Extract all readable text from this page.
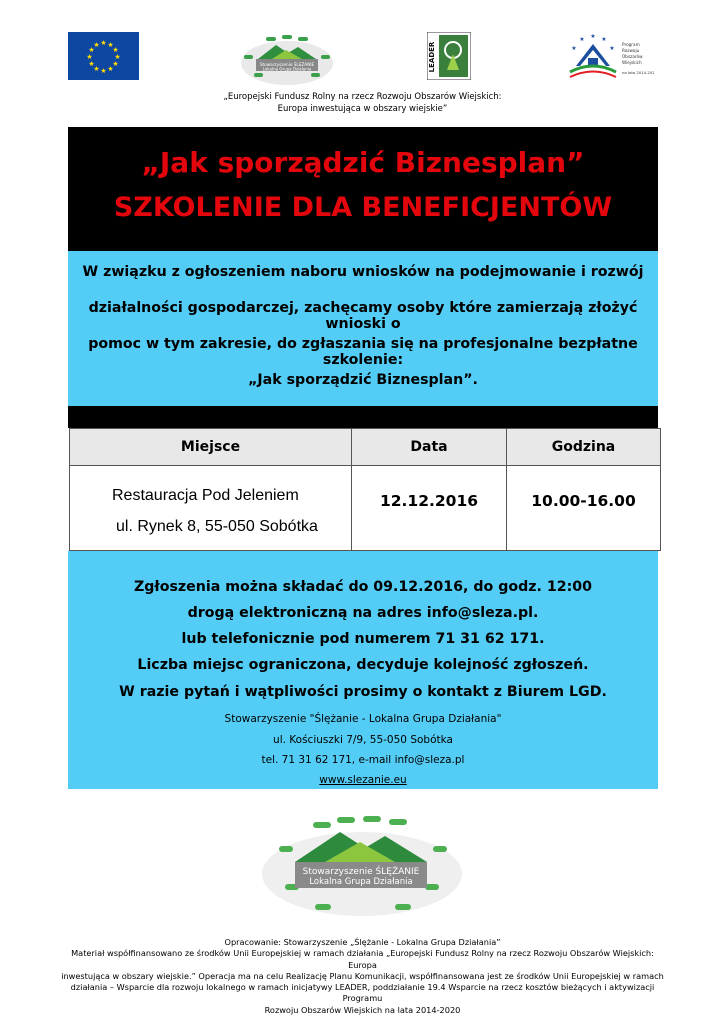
★ ★
★
★
★
★
★
★
★
★
★
★
Stowarzyszenie ŚLĘŻANIE
Lokalna Grupa Działania	LEADER
★ ★ ★
★	★
Program
Rozwoju
Obszarów
Wiejskich
na lata 2014-2020
„Europejski Fundusz Rolny na rzecz Rozwoju Obszarów Wiejskich:
Europa inwestująca w obszary wiejskie”
„Jak sporządzić Biznesplan”
SZKOLENIE DLA BENEFICJENTÓW
W związku z ogłoszeniem naboru wniosków na podejmowanie i rozwój
działalności gospodarczej, zachęcamy osoby które zamierzają złożyć wnioski o
pomoc w tym zakresie, do zgłaszania się na profesjonalne bezpłatne szkolenie:
„Jak sporządzić Biznesplan”.
Miejsce	Data	Godzina
Restauracja Pod Jeleniem
ul. Rynek 8, 55-050 Sobótka
12.12.2016	10.00-16.00
Zgłoszenia można składać do 09.12.2016, do godz. 12:00
drogą elektroniczną na adres info@sleza.pl.
lub telefonicznie pod numerem 71 31 62 171.
Liczba miejsc ograniczona, decyduje kolejność zgłoszeń.
W razie pytań i wątpliwości prosimy o kontakt z Biurem LGD.
Stowarzyszenie "Ślężanie - Lokalna Grupa Działania"
ul. Kościuszki 7/9, 55-050 Sobótka
tel. 71 31 62 171, e-mail info@sleza.pl
www.slezanie.eu
Stowarzyszenie ŚLĘŻANIE
Lokalna Grupa Działania
Opracowanie: Stowarzyszenie „Ślężanie - Lokalna Grupa Działania”
Materiał współfinansowano ze środków Unii Europejskiej w ramach działania „Europejski Fundusz Rolny na rzecz Rozwoju Obszarów Wiejskich: Europa
inwestująca w obszary wiejskie.” Operacja ma na celu Realizację Planu Komunikacji, współfinansowana jest ze środków Unii Europejskiej w ramach
działania – Wsparcie dla rozwoju lokalnego w ramach inicjatywy LEADER, poddziałanie 19.4 Wsparcie na rzecz kosztów bieżących i aktywizacji Programu
Rozwoju Obszarów Wiejskich na lata 2014-2020
